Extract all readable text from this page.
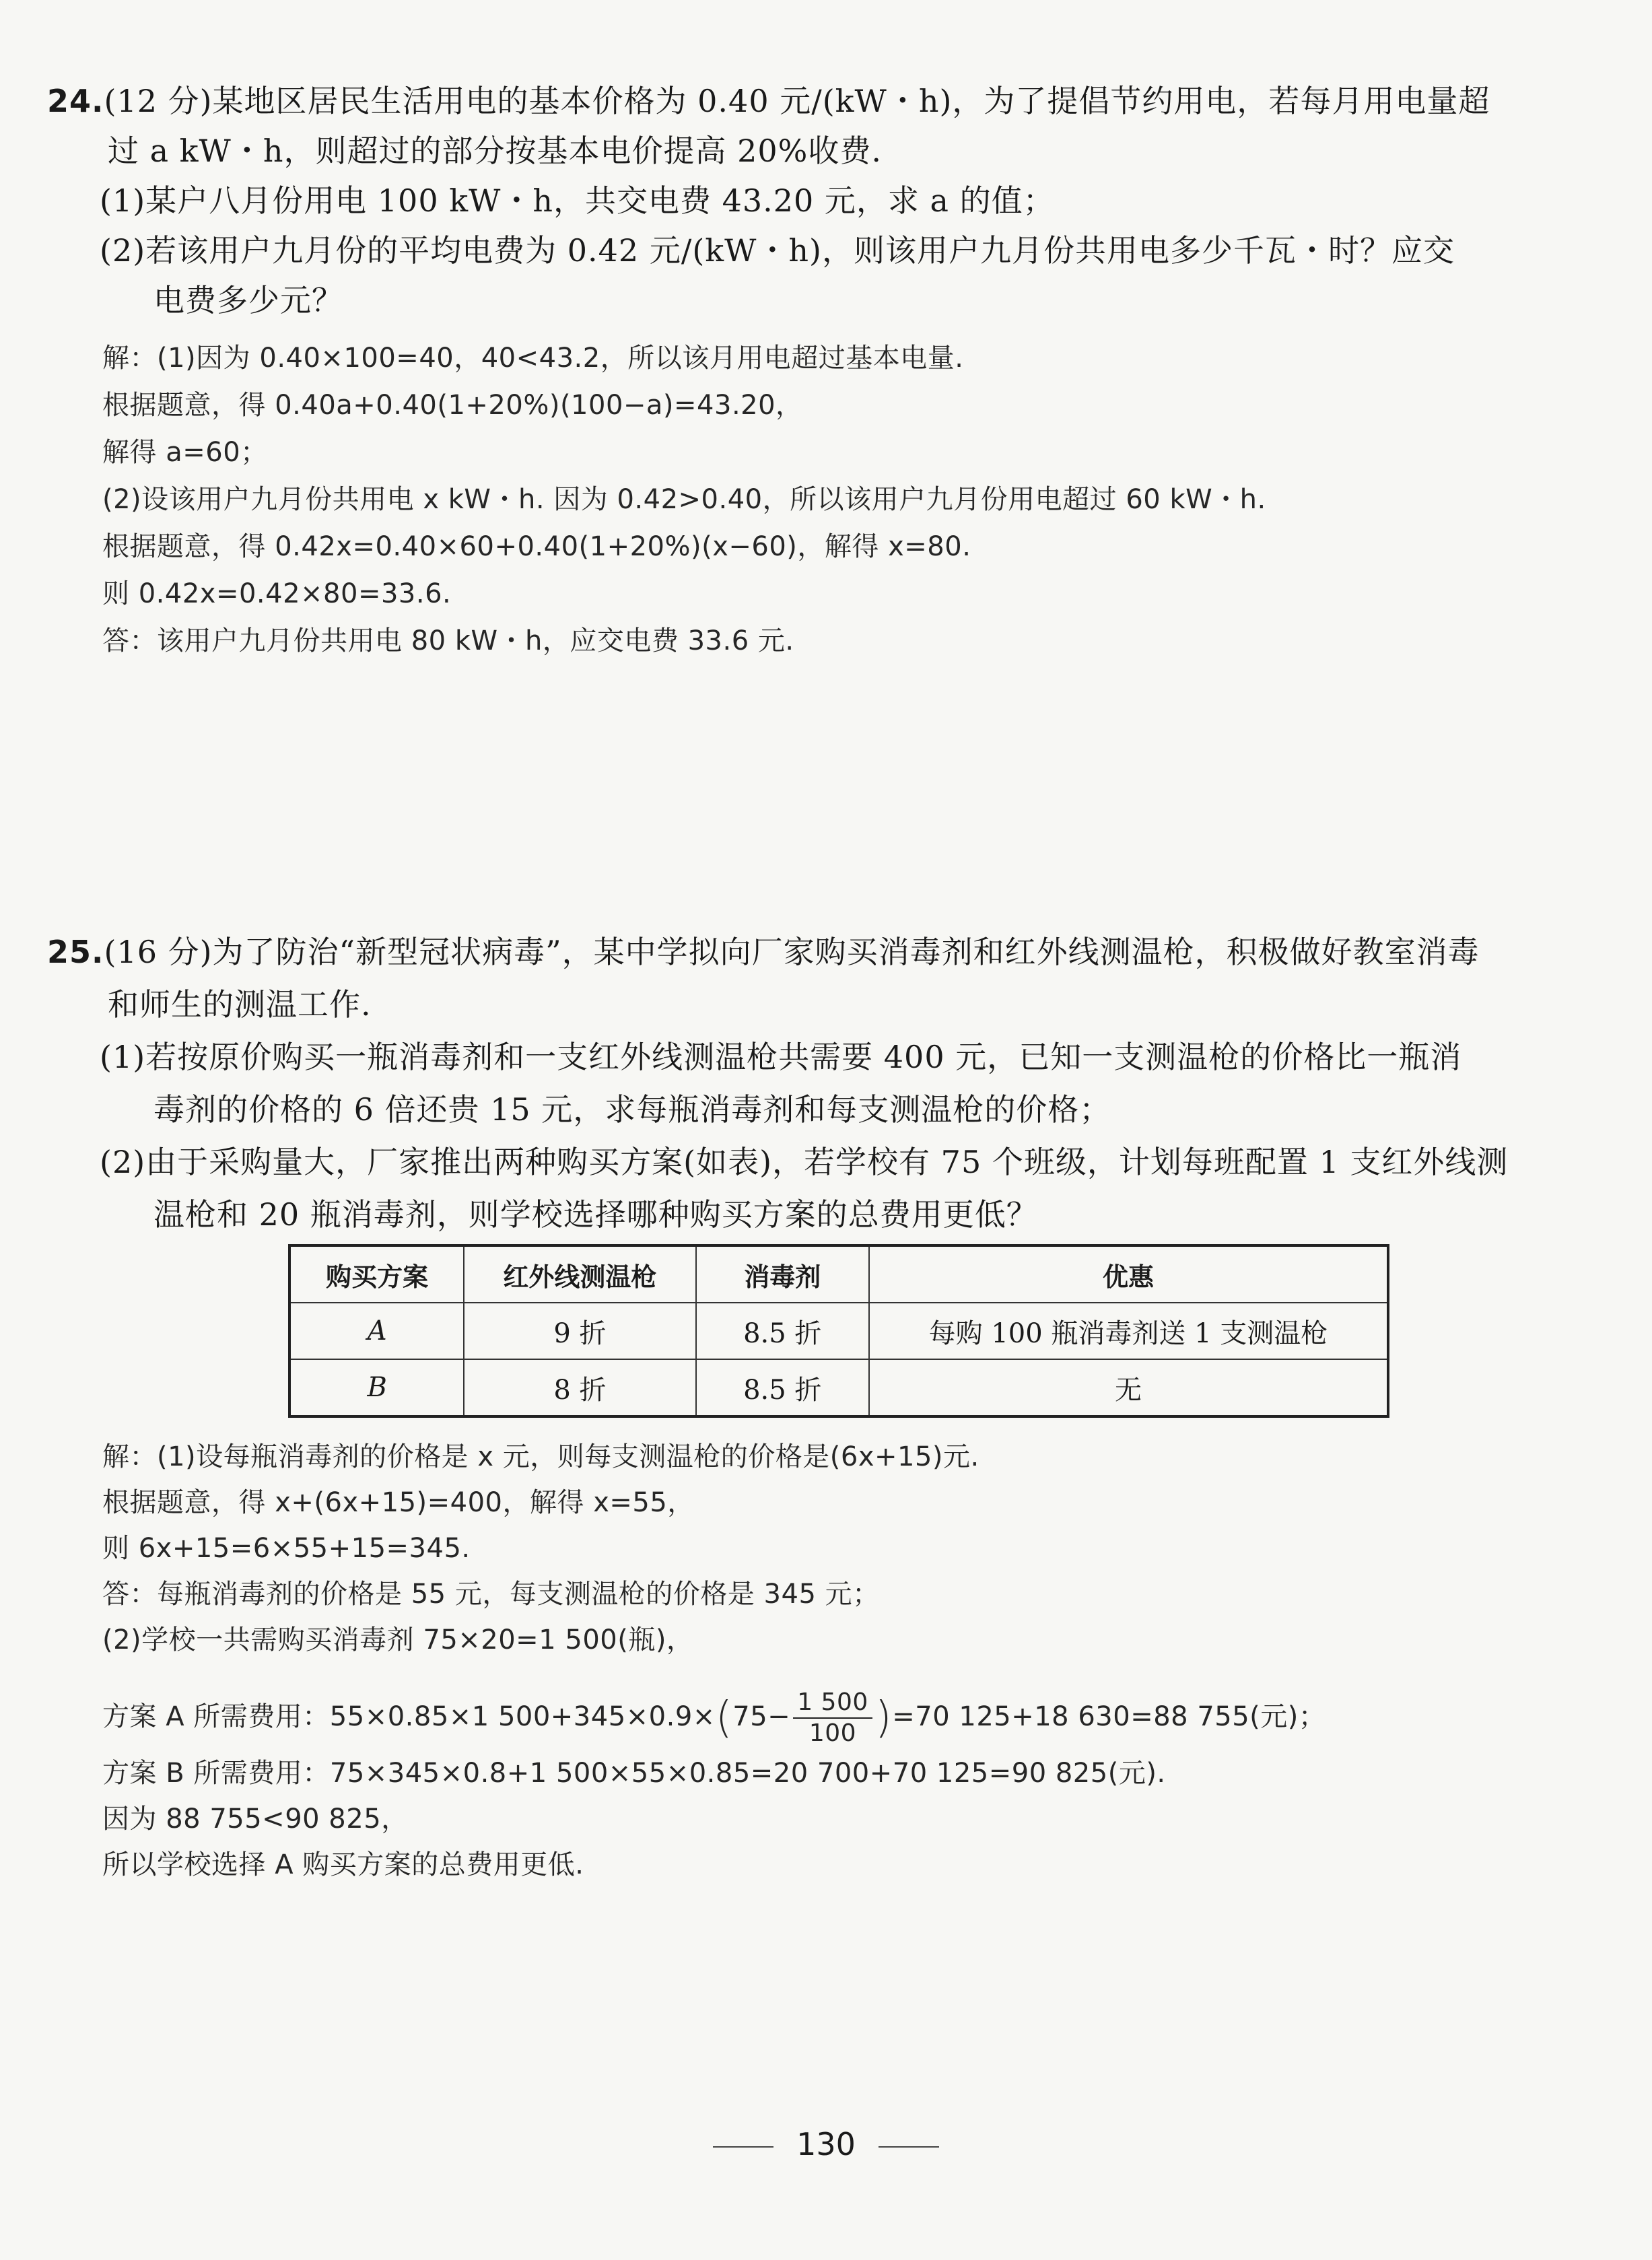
24.(12 分)某地区居民生活用电的基本价格为 0.40 元/(kW・h)，为了提倡节约用电，若每月用电量超
过 a kW・h，则超过的部分按基本电价提高 20%收费.
(1)某户八月份用电 100 kW・h，共交电费 43.20 元，求 a 的值；
(2)若该用户九月份的平均电费为 0.42 元/(kW・h)，则该用户九月份共用电多少千瓦・时？应交
电费多少元？
解：(1)因为 0.40×100=40，40<43.2，所以该月用电超过基本电量.
根据题意，得 0.40a+0.40(1+20%)(100−a)=43.20，
解得 a=60；
(2)设该用户九月份共用电 x kW・h. 因为 0.42>0.40，所以该用户九月份用电超过 60 kW・h.
根据题意，得 0.42x=0.40×60+0.40(1+20%)(x−60)，解得 x=80.
则 0.42x=0.42×80=33.6.
答：该用户九月份共用电 80 kW・h，应交电费 33.6 元.
25.(16 分)为了防治“新型冠状病毒”，某中学拟向厂家购买消毒剂和红外线测温枪，积极做好教室消毒
和师生的测温工作.
(1)若按原价购买一瓶消毒剂和一支红外线测温枪共需要 400 元，已知一支测温枪的价格比一瓶消
毒剂的价格的 6 倍还贵 15 元，求每瓶消毒剂和每支测温枪的价格；
(2)由于采购量大，厂家推出两种购买方案(如表)，若学校有 75 个班级，计划每班配置 1 支红外线测
温枪和 20 瓶消毒剂，则学校选择哪种购买方案的总费用更低？
购买方案	红外线测温枪	消毒剂	优惠
A	9 折	8.5 折	每购 100 瓶消毒剂送 1 支测温枪
B	8 折	8.5 折	无
解：(1)设每瓶消毒剂的价格是 x 元，则每支测温枪的价格是(6x+15)元.
根据题意，得 x+(6x+15)=400，解得 x=55，
则 6x+15=6×55+15=345.
答：每瓶消毒剂的价格是 55 元，每支测温枪的价格是 345 元；
(2)学校一共需购买消毒剂 75×20=1 500(瓶)，
方案 A 所需费用：55×0.85×1 $500+345\times 0.9\times(75- \frac{1 500}{100} )=70$ 125+18 630=88 755(元)；
方案 B 所需费用：75×345×0.8+1 500×55×0.85=20 700+70 125=90 825(元).
因为 88 755<90 825，
所以学校选择 A 购买方案的总费用更低.
130
